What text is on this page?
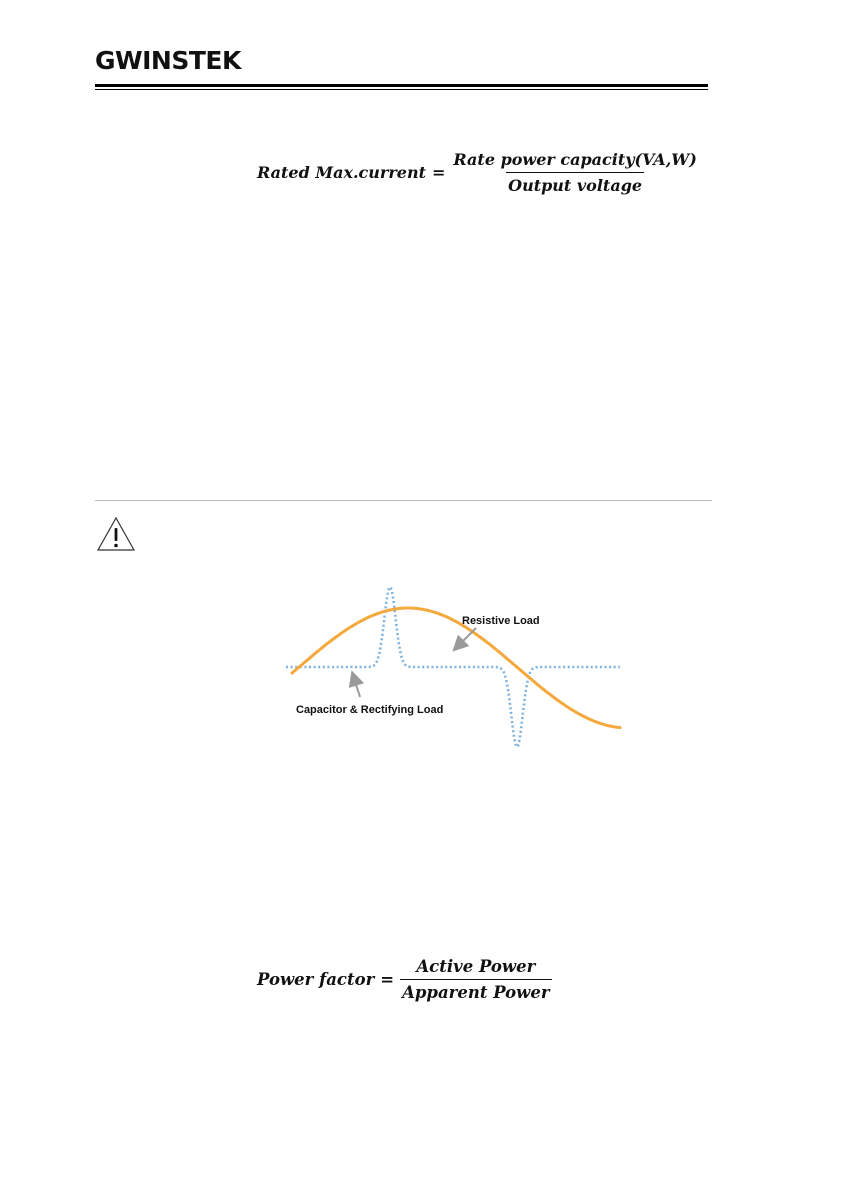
GWINSTEK
Rated Max.current = $\frac{\text{Rate power capacity(VA,W)}}{\text{Output voltage}}$
Resistive Load
Capacitor & Rectifying Load
Power factor = $\frac{\text{Active Power}}{\text{Apparent Power}}$
